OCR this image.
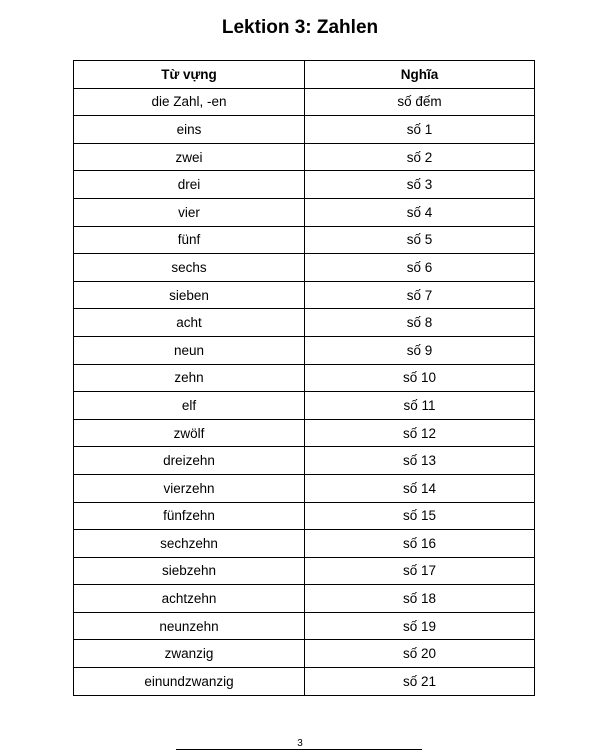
Lektion 3: Zahlen
Từ vựng	Nghĩa
die Zahl, -en	số đếm
eins	số 1
zwei	số 2
drei	số 3
vier	số 4
fünf	số 5
sechs	số 6
sieben	số 7
acht	số 8
neun	số 9
zehn	số 10
elf	số 11
zwölf	số 12
dreizehn	số 13
vierzehn	số 14
fünfzehn	số 15
sechzehn	số 16
siebzehn	số 17
achtzehn	số 18
neunzehn	số 19
zwanzig	số 20
einundzwanzig	số 21
3
